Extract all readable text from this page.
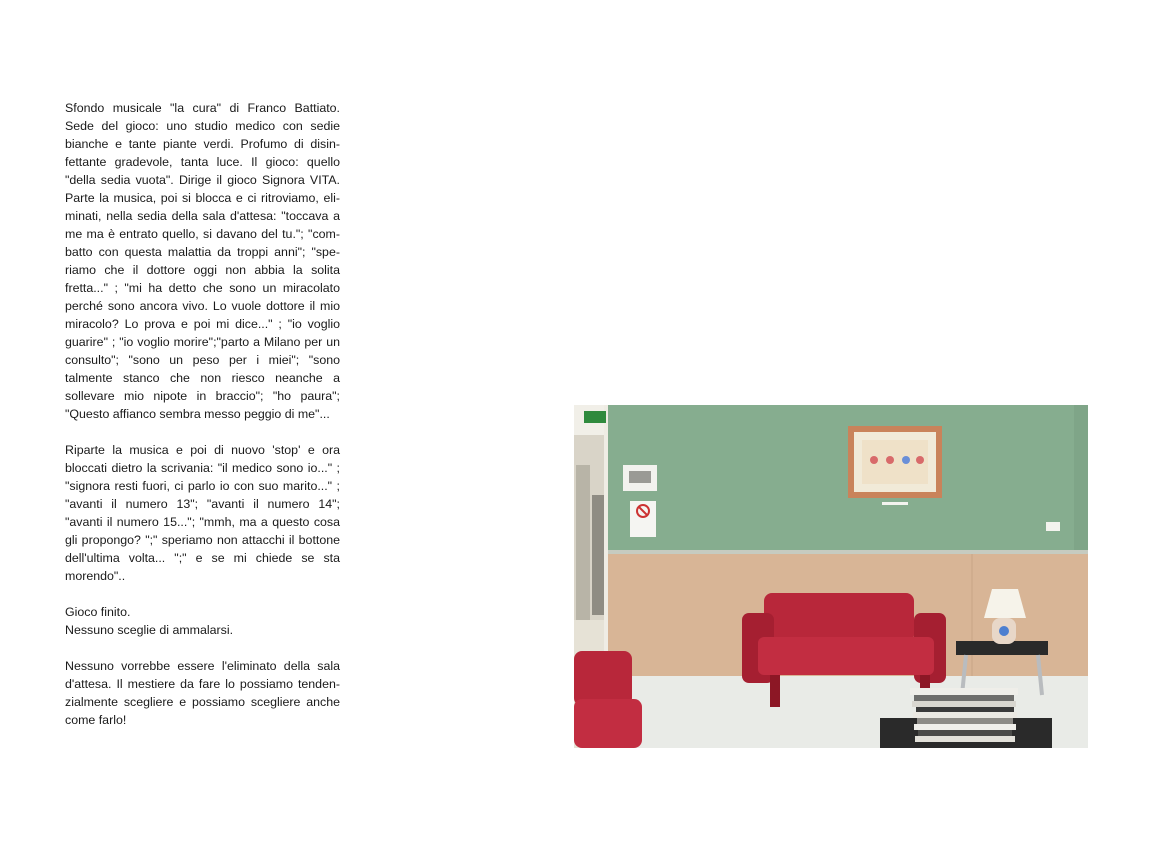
Sfondo musicale "la cura" di Franco Battiato. Sede del gioco: uno studio medico con sedie bianche e tante piante verdi. Profumo di disinfettante gradevole, tanta luce. Il gioco: quello "della sedia vuota". Dirige il gioco Signora VITA. Parte la musica, poi si blocca e ci ritroviamo, eliminati, nella sedia della sala d'attesa: "toccava a me ma è entrato quello, si davano del tu."; "combatto con questa malattia da troppi anni"; "speriamo che il dottore oggi non abbia la solita fretta..." ; "mi ha detto che sono un miracolato perché sono ancora vivo. Lo vuole dottore il mio miracolo? Lo prova e poi mi dice..." ; "io voglio guarire" ; "io voglio morire";"parto a Milano per un consulto"; "sono un peso per i miei"; "sono talmente stanco che non riesco neanche a sollevare mio nipote in braccio"; "ho paura"; "Questo affianco sembra messo peggio di me"...

Riparte la musica e poi di nuovo 'stop' e ora bloccati dietro la scrivania: "il medico sono io..." ; "signora resti fuori, ci parlo io con suo marito..." ; "avanti il numero 13"; "avanti il numero 14"; "avanti il numero 15..."; "mmh, ma a questo cosa gli propongo? ";" speriamo non attacchi il bottone dell'ultima volta... ";" e se mi chiede se sta morendo"..

Gioco finito.

Nessuno sceglie di ammalarsi.

Nessuno vorrebbe essere l'eliminato della sala d'attesa. Il mestiere da fare lo possiamo tendenzialmente scegliere e possiamo scegliere anche come farlo!
